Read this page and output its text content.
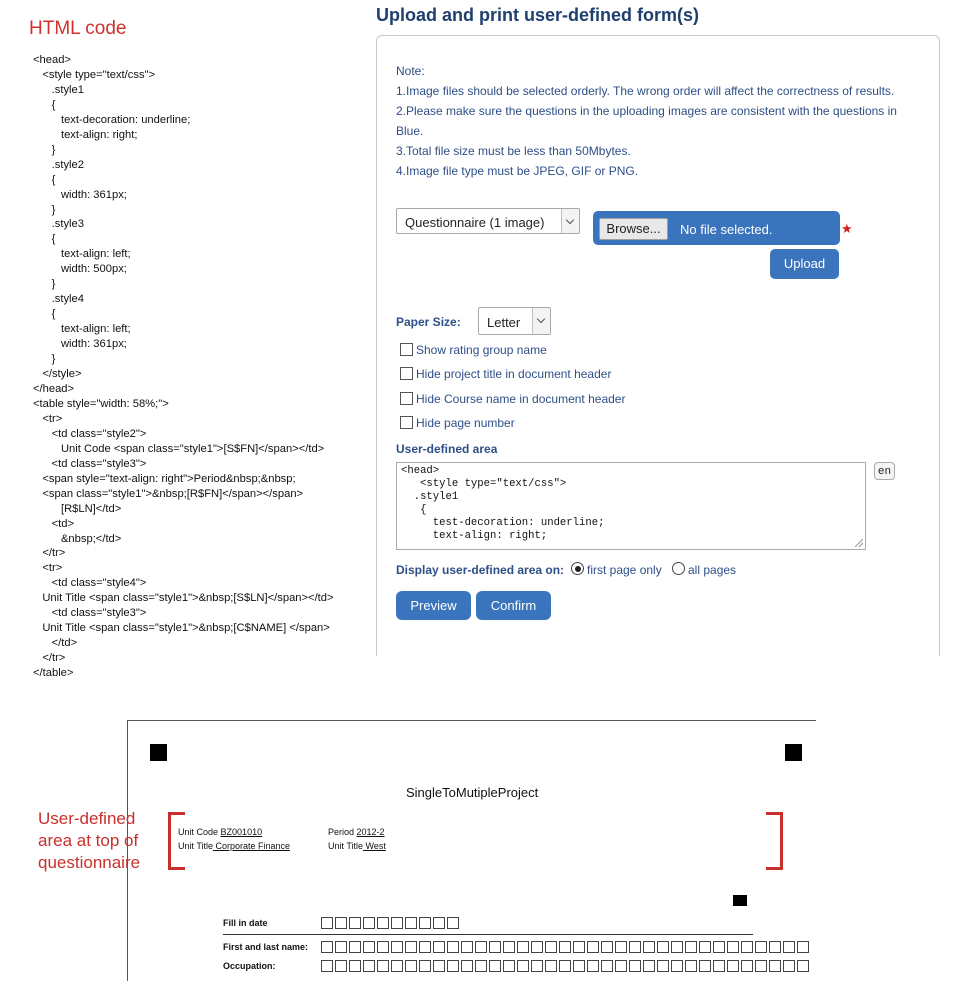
HTML code
<head>
<style type="text/css">
.style1
{
text-decoration: underline;
text-align: right;
}
.style2
{
width: 361px;
}
.style3
{
text-align: left;
width: 500px;
}
.style4
{
text-align: left;
width: 361px;
}
</style>
</head>
<table style="width: 58%;">
<tr>
<td class="style2">
Unit Code <span class="style1">[S$FN]</span></td>
<td class="style3">
<span style="text-align: right">Period&nbsp;&nbsp;
<span class="style1">&nbsp;[R$FN]</span></span>
[R$LN]</td>
<td>
&nbsp;</td>
</tr>
<tr>
<td class="style4">
Unit Title <span class="style1">&nbsp;[S$LN]</span></td>
<td class="style3">
Unit Title <span class="style1">&nbsp;[C$NAME] </span>
</td>
</tr>
</table>
Upload and print user-defined form(s)
Note:
1.Image files should be selected orderly. The wrong order will affect the correctness of results.
2.Please make sure the questions in the uploading images are consistent with the questions in
Blue.
3.Total file size must be less than 50Mbytes.
4.Image file type must be JPEG, GIF or PNG.
Questionnaire (1 image)	Browse...	No file selected.	★
Upload
Paper Size: Letter
Show rating group name
Hide project title in document header
Hide Course name in document header
Hide page number
User-defined area
<head>
<style type="text/css">
.style1
{
test-decoration: underline;
text-align: right;
en
Display user-defined area on: first page only all pages
Preview	Confirm
SingleToMutipleProject
User-defined
area at top of
questionnaire
Unit Code BZ001010	Period 2012-2
Unit Title Corporate Finance	Unit Title West
Fill in date
First and last name:
Occupation:
